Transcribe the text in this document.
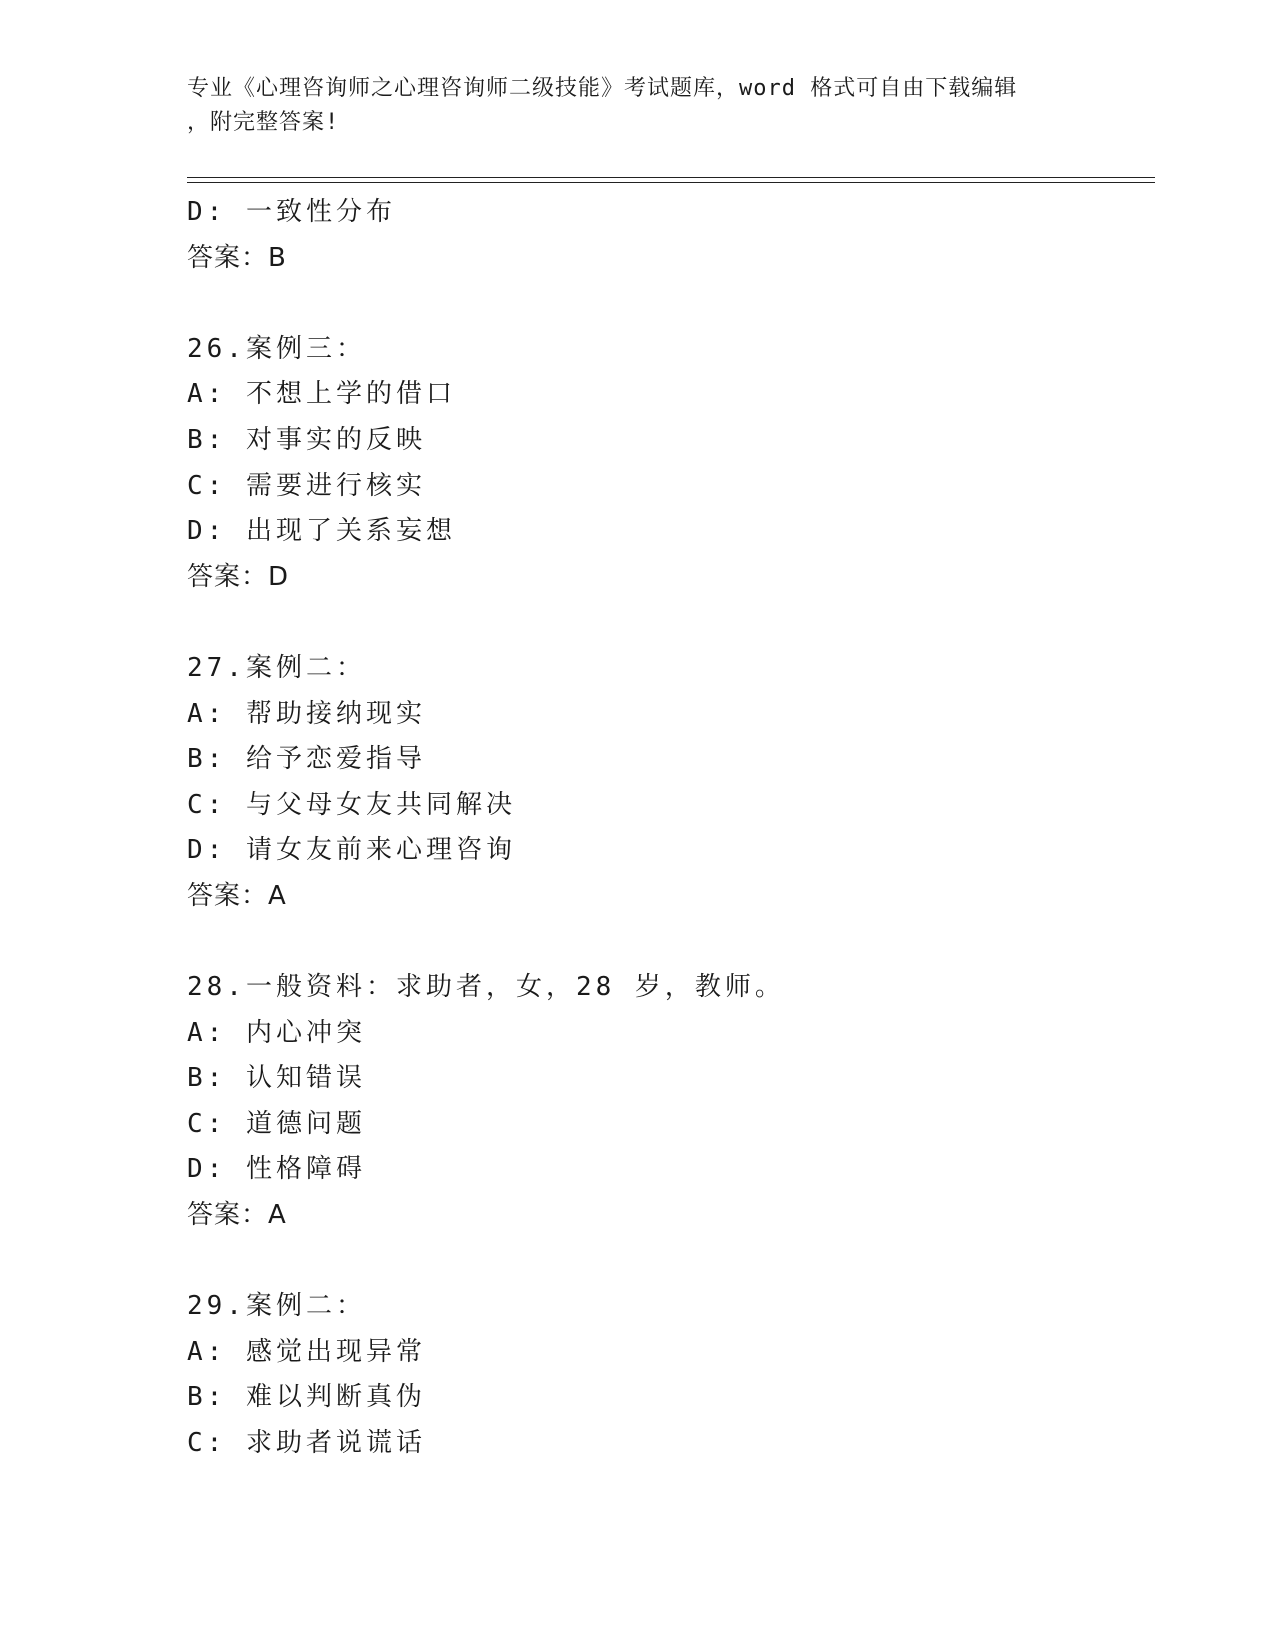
专业《心理咨询师之心理咨询师二级技能》考试题库，word 格式可自由下载编辑
，附完整答案!
D: 一致性分布
答案：B
26.案例三：
A: 不想上学的借口
B: 对事实的反映
C: 需要进行核实
D: 出现了关系妄想
答案：D
27.案例二：
A: 帮助接纳现实
B: 给予恋爱指导
C: 与父母女友共同解决
D: 请女友前来心理咨询
答案：A
28.一般资料：求助者，女，28 岁，教师。
A: 内心冲突
B: 认知错误
C: 道德问题
D: 性格障碍
答案：A
29.案例二：
A: 感觉出现异常
B: 难以判断真伪
C: 求助者说谎话
